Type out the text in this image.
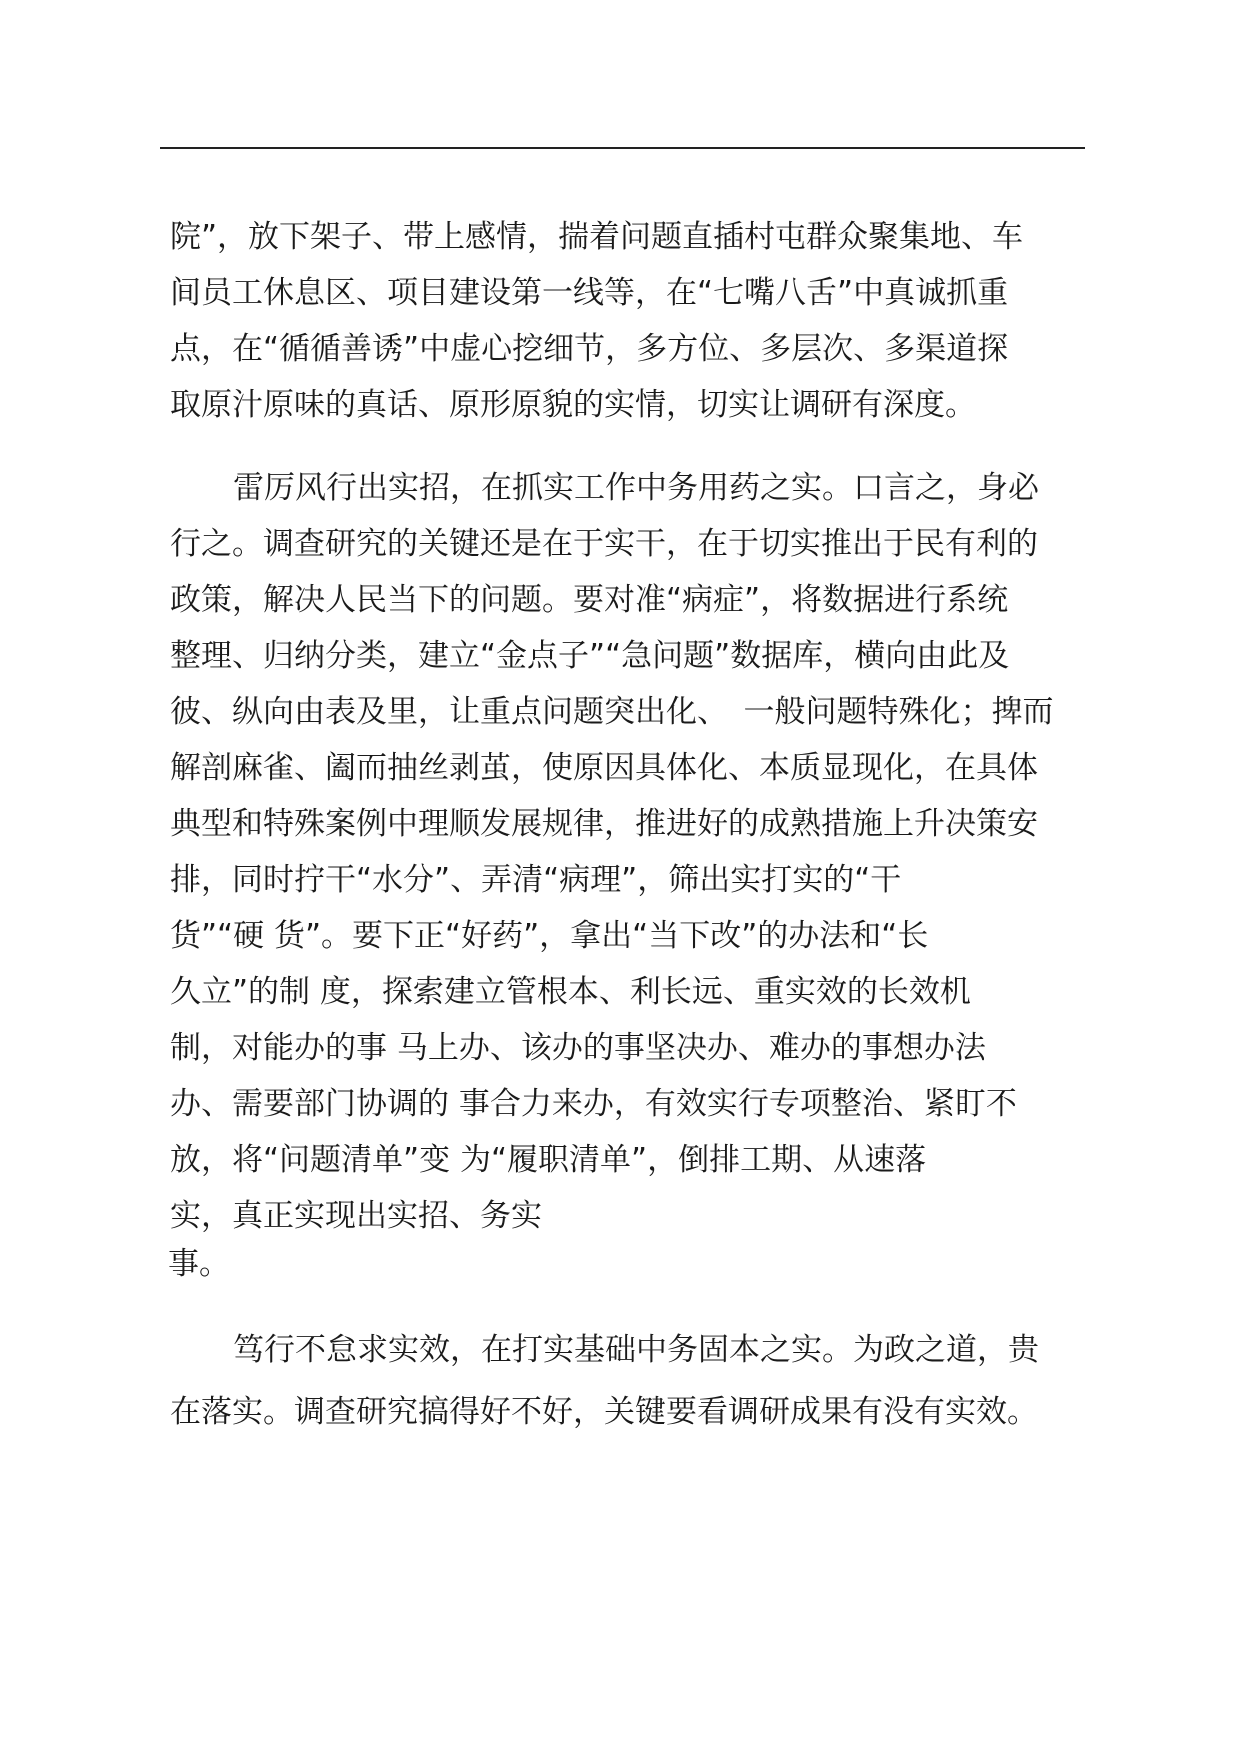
院”，放下架子、带上感情，揣着问题直插村屯群众聚集地、车
间员工休息区、项目建设第一线等，在“七嘴八舌”中真诚抓重
点，在“循循善诱”中虚心挖细节，多方位、多层次、多渠道探
取原汁原味的真话、原形原貌的实情，切实让调研有深度。
雷厉风行出实招，在抓实工作中务用药之实。口言之，身必
行之。调查研究的关键还是在于实干，在于切实推出于民有利的
政策，解决人民当下的问题。要对准“病症”，将数据进行系统
整理、归纳分类，建立“金点子”“急问题”数据库，横向由此及
彼、纵向由表及里，让重点问题突出化、　一般问题特殊化；捭而
解剖麻雀、阖而抽丝剥茧，使原因具体化、本质显现化，在具体
典型和特殊案例中理顺发展规律，推进好的成熟措施上升决策安
排，同时拧干“水分”、弄清“病理”，筛出实打实的“干
货”“硬 货”。要下正“好药”，拿出“当下改”的办法和“长
久立”的制 度，探索建立管根本、利长远、重实效的长效机
制，对能办的事 马上办、该办的事坚决办、难办的事想办法
办、需要部门协调的 事合力来办，有效实行专项整治、紧盯不
放，将“问题清单”变 为“履职清单”，倒排工期、从速落
实，真正实现出实招、务实
事。
笃行不怠求实效，在打实基础中务固本之实。为政之道，贵
在落实。调查研究搞得好不好，关键要看调研成果有没有实效。
